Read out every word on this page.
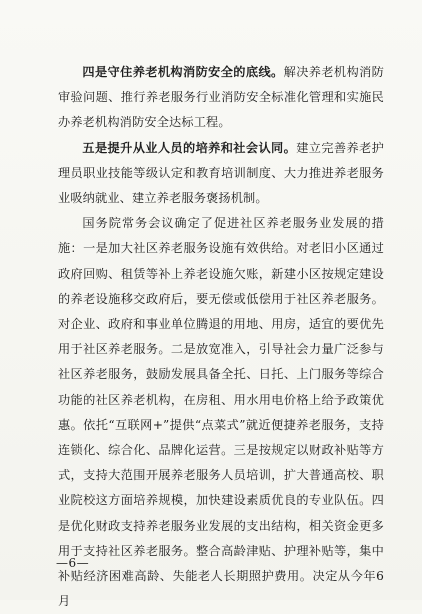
四是守住养老机构消防安全的底线。解决养老机构消防审验问题、推行养老服务行业消防安全标准化管理和实施民办养老机构消防安全达标工程。

五是提升从业人员的培养和社会认同。建立完善养老护理员职业技能等级认定和教育培训制度、大力推进养老服务业吸纳就业、建立养老服务褒扬机制。

国务院常务会议确定了促进社区养老服务业发展的措施：一是加大社区养老服务设施有效供给。对老旧小区通过政府回购、租赁等补上养老设施欠账，新建小区按规定建设的养老设施移交政府后，要无偿或低偿用于社区养老服务。对企业、政府和事业单位腾退的用地、用房，适宜的要优先用于社区养老服务。二是放宽准入，引导社会力量广泛参与社区养老服务，鼓励发展具备全托、日托、上门服务等综合功能的社区养老机构，在房租、用水用电价格上给予政策优惠。依托“互联网+”提供“点菜式”就近便捷养老服务，支持连锁化、综合化、品牌化运营。三是按规定以财政补贴等方式，支持大范围开展养老服务人员培训，扩大普通高校、职业院校这方面培养规模，加快建设素质优良的专业队伍。四是优化财政支持养老服务业发展的支出结构，相关资金更多用于支持社区养老服务。整合高龄津贴、护理补贴等，集中补贴经济困难高龄、失能老人长期照护费用。决定从今年6月

—6—
